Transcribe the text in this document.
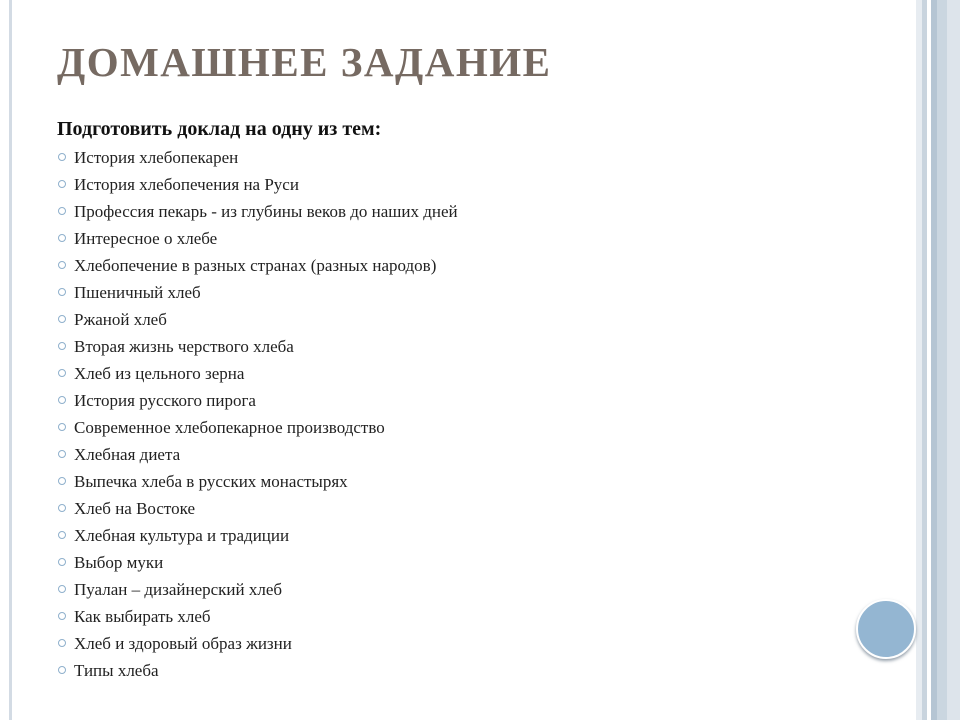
ДОМАШНЕЕ ЗАДАНИЕ

Подготовить доклад на одну из тем:

История хлебопекарен
История хлебопечения на Руси
Профессия пекарь - из глубины веков до наших дней
Интересное о хлебе
Хлебопечение в разных странах (разных народов)
Пшеничный хлеб
Ржаной хлеб
Вторая жизнь черствого хлеба
Хлеб из цельного зерна
История русского пирога
Современное хлебопекарное производство
Хлебная диета
Выпечка хлеба в русских монастырях
Хлеб на Востоке
Хлебная культура и традиции
Выбор муки
Пуалан – дизайнерский хлеб
Как выбирать хлеб
Хлеб и здоровый образ жизни
Типы хлеба
